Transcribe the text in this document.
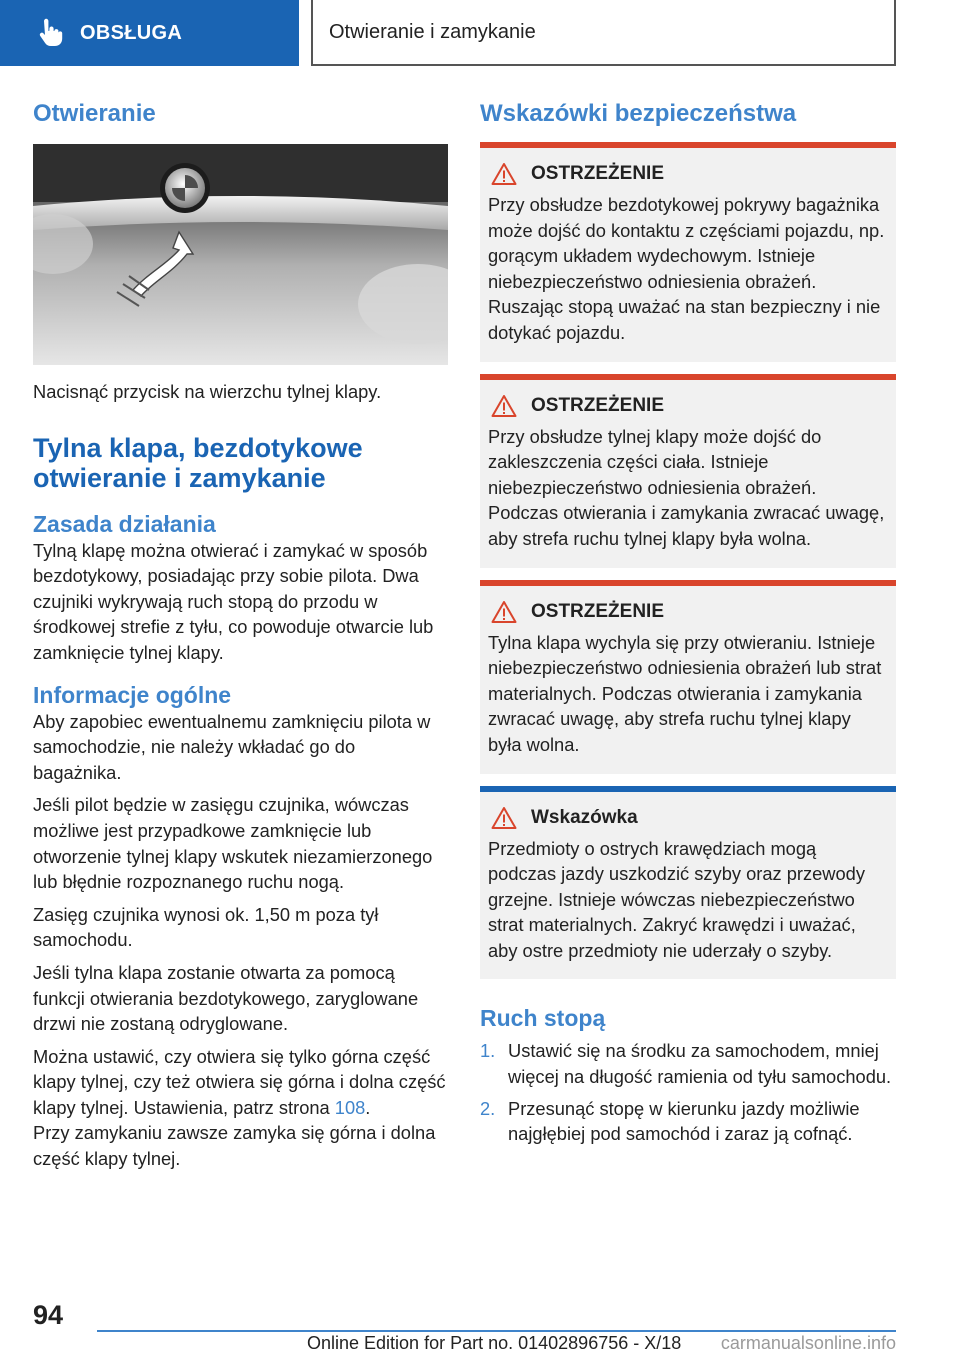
OBSŁUGA	Otwieranie i zamykanie
Otwieranie

Nacisnąć przycisk na wierzchu tylnej klapy.

Tylna klapa, bezdotykowe otwieranie i zamykanie
Zasada działania

Tylną klapę można otwierać i zamykać w sposób bezdotykowy, posiadając przy sobie pilota. Dwa czujniki wykrywają ruch stopą do przodu w środkowej strefie z tyłu, co powoduje otwarcie lub zamknięcie tylnej klapy.

Informacje ogólne

Aby zapobiec ewentualnemu zamknięciu pilota w samochodzie, nie należy wkładać go do bagażnika.

Jeśli pilot będzie w zasięgu czujnika, wówczas możliwe jest przypadkowe zamknięcie lub otworzenie tylnej klapy wskutek niezamierzonego lub błędnie rozpoznanego ruchu nogą.

Zasięg czujnika wynosi ok. 1,50 m poza tył samochodu.

Jeśli tylna klapa zostanie otwarta za pomocą funkcji otwierania bezdotykowego, zaryglowane drzwi nie zostaną odryglowane.

Można ustawić, czy otwiera się tylko górna część klapy tylnej, czy też otwiera się górna i dolna część klapy tylnej. Ustawienia, patrz strona 108.
Przy zamykaniu zawsze zamyka się górna i dolna część klapy tylnej.

Wskazówki bezpieczeństwa
OSTRZEŻENIE

Przy obsłudze bezdotykowej pokrywy bagażnika może dojść do kontaktu z częściami pojazdu, np. gorącym układem wydechowym. Istnieje niebezpieczeństwo odniesienia obrażeń. Ruszając stopą uważać na stan bezpieczny i nie dotykać pojazdu.

OSTRZEŻENIE

Przy obsłudze tylnej klapy może dojść do zakleszczenia części ciała. Istnieje niebezpieczeństwo odniesienia obrażeń. Podczas otwierania i zamykania zwracać uwagę, aby strefa ruchu tylnej klapy była wolna.

OSTRZEŻENIE

Tylna klapa wychyla się przy otwieraniu. Istnieje niebezpieczeństwo odniesienia obrażeń lub strat materialnych. Podczas otwierania i zamykania zwracać uwagę, aby strefa ruchu tylnej klapy była wolna.

Wskazówka

Przedmioty o ostrych krawędziach mogą podczas jazdy uszkodzić szyby oraz przewody grzejne. Istnieje wówczas niebezpieczeństwo strat materialnych. Zakryć krawędzi i uważać, aby ostre przedmioty nie uderzały o szyby.

Ruch stopą
1. Ustawić się na środku za samochodem, mniej więcej na długość ramienia od tyłu samochodu.
2. Przesunąć stopę w kierunku jazdy możliwie najgłębiej pod samochód i zaraz ją cofnąć.
94
Online Edition for Part no. 01402896756 - X/18 carmanualsonline.info
